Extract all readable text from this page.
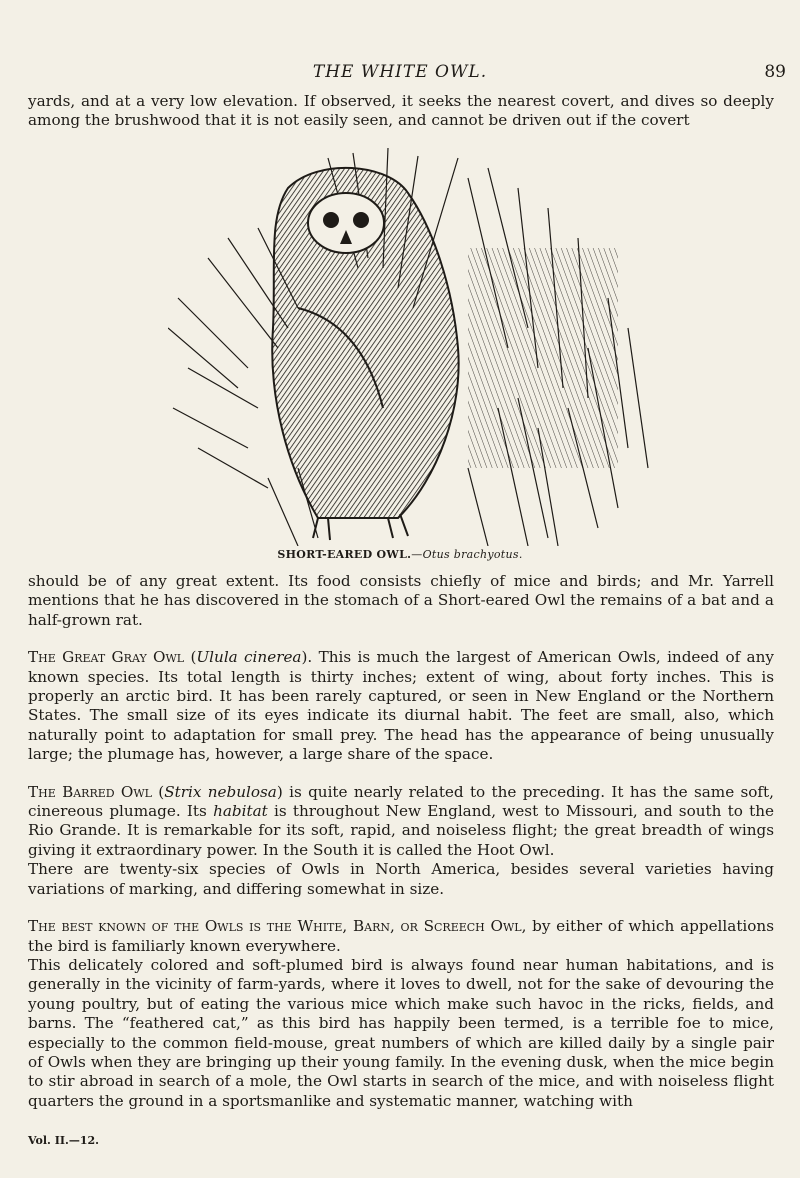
THE WHITE OWL.	89

yards, and at a very low elevation. If observed, it seeks the nearest covert, and dives so deeply among the brushwood that it is not easily seen, and cannot be driven out if the covert

SHORT-EARED OWL.—Otus brachyotus.

should be of any great extent. Its food consists chiefly of mice and birds; and Mr. Yarrell mentions that he has discovered in the stomach of a Short-eared Owl the remains of a bat and a half-grown rat.

The Great Gray Owl (Ulula cinerea). This is much the largest of American Owls, indeed of any known species. Its total length is thirty inches; extent of wing, about forty inches. This is properly an arctic bird. It has been rarely captured, or seen in New England or the Northern States. The small size of its eyes indicate its diurnal habit. The feet are small, also, which naturally point to adaptation for small prey. The head has the appearance of being unusually large; the plumage has, however, a large share of the space.

The Barred Owl (Strix nebulosa) is quite nearly related to the preceding. It has the same soft, cinereous plumage. Its habitat is throughout New England, west to Missouri, and south to the Rio Grande. It is remarkable for its soft, rapid, and noiseless flight; the great breadth of wings giving it extraordinary power. In the South it is called the Hoot Owl.

There are twenty-six species of Owls in North America, besides several varieties having variations of marking, and differing somewhat in size.

The best known of the Owls is the White, Barn, or Screech Owl, by either of which appellations the bird is familiarly known everywhere.

This delicately colored and soft-plumed bird is always found near human habitations, and is generally in the vicinity of farm-yards, where it loves to dwell, not for the sake of devouring the young poultry, but of eating the various mice which make such havoc in the ricks, fields, and barns. The “feathered cat,” as this bird has happily been termed, is a terrible foe to mice, especially to the common field-mouse, great numbers of which are killed daily by a single pair of Owls when they are bringing up their young family. In the evening dusk, when the mice begin to stir abroad in search of a mole, the Owl starts in search of the mice, and with noiseless flight quarters the ground in a sportsmanlike and systematic manner, watching with

Vol. II.—12.
